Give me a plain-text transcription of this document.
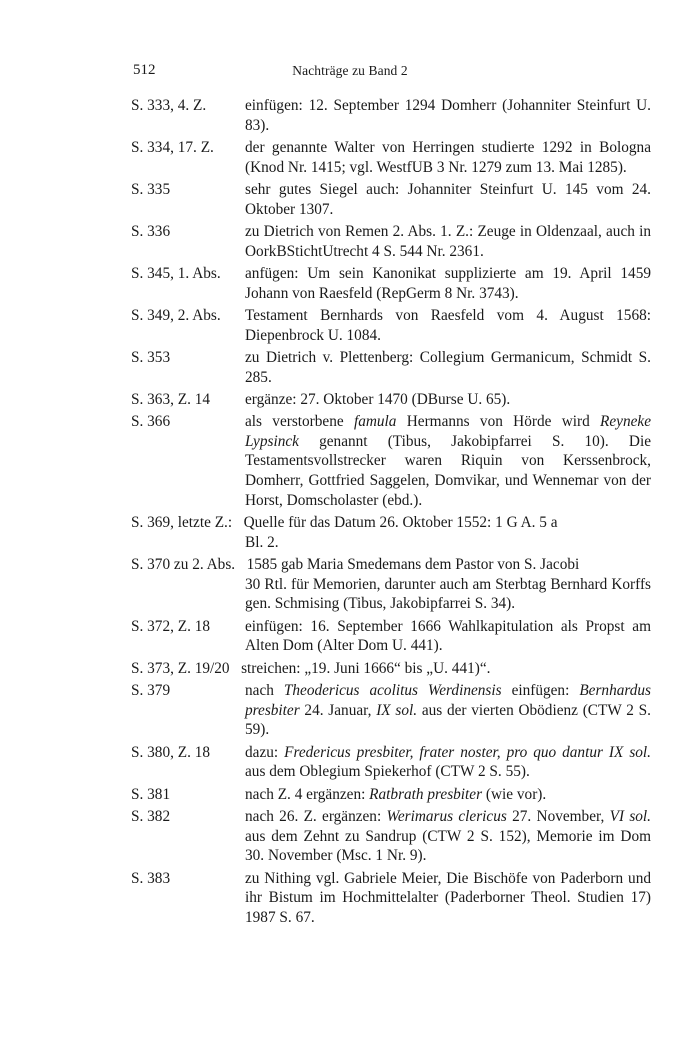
512	Nachträge zu Band 2
S. 333, 4. Z.	einfügen: 12. September 1294 Domherr (Johanniter Steinfurt U. 83).
S. 334, 17. Z. der genannte Walter von Herringen studierte 1292 in Bologna (Knod Nr. 1415; vgl. WestfUB 3 Nr. 1279 zum 13. Mai 1285).
S. 335	sehr gutes Siegel auch: Johanniter Steinfurt U. 145 vom 24. Oktober 1307.
S. 336	zu Dietrich von Remen 2. Abs. 1. Z.: Zeuge in Oldenzaal, auch in OorkBStichtUtrecht 4 S. 544 Nr. 2361.
S. 345, 1. Abs. anfügen: Um sein Kanonikat supplizierte am 19. April 1459 Johann von Raesfeld (RepGerm 8 Nr. 3743).
S. 349, 2. Abs. Testament Bernhards von Raesfeld vom 4. August 1568: Diepenbrock U. 1084.
S. 353	zu Dietrich v. Plettenberg: Collegium Germanicum, Schmidt S. 285.
S. 363, Z. 14 ergänze: 27. Oktober 1470 (DBurse U. 65).
S. 366	als verstorbene famula Hermanns von Hörde wird Reyneke Lypsinck genannt (Tibus, Jakobipfarrei S. 10). Die Testamentsvollstrecker waren Riquin von Kerssenbrock, Domherr, Gottfried Saggelen, Domvikar, und Wennemar von der Horst, Domscholaster (ebd.).
S. 369, letzte Z.: Quelle für das Datum 26. Oktober 1552: 1 G A. 5 a
Bl. 2.
S. 370 zu 2. Abs. 1585 gab Maria Smedemans dem Pastor von S. Jacobi
30 Rtl. für Memorien, darunter auch am Sterbtag Bernhard Korffs gen. Schmising (Tibus, Jakobipfarrei S. 34).
S. 372, Z. 18 einfügen: 16. September 1666 Wahlkapitulation als Propst am Alten Dom (Alter Dom U. 441).
S. 373, Z. 19/20 streichen: „19. Juni 1666“ bis „U. 441)“.
S. 379	nach Theodericus acolitus Werdinensis einfügen: Bernhardus presbiter 24. Januar, IX sol. aus der vierten Obödienz (CTW 2 S. 59).
S. 380, Z. 18 dazu: Fredericus presbiter, frater noster, pro quo dantur IX sol. aus dem Oblegium Spiekerhof (CTW 2 S. 55).
S. 381	nach Z. 4 ergänzen: Ratbrath presbiter (wie vor).
S. 382	nach 26. Z. ergänzen: Werimarus clericus 27. November, VI sol. aus dem Zehnt zu Sandrup (CTW 2 S. 152), Memorie im Dom 30. November (Msc. 1 Nr. 9).
S. 383	zu Nithing vgl. Gabriele Meier, Die Bischöfe von Paderborn und ihr Bistum im Hochmittelalter (Paderborner Theol. Studien 17) 1987 S. 67.
